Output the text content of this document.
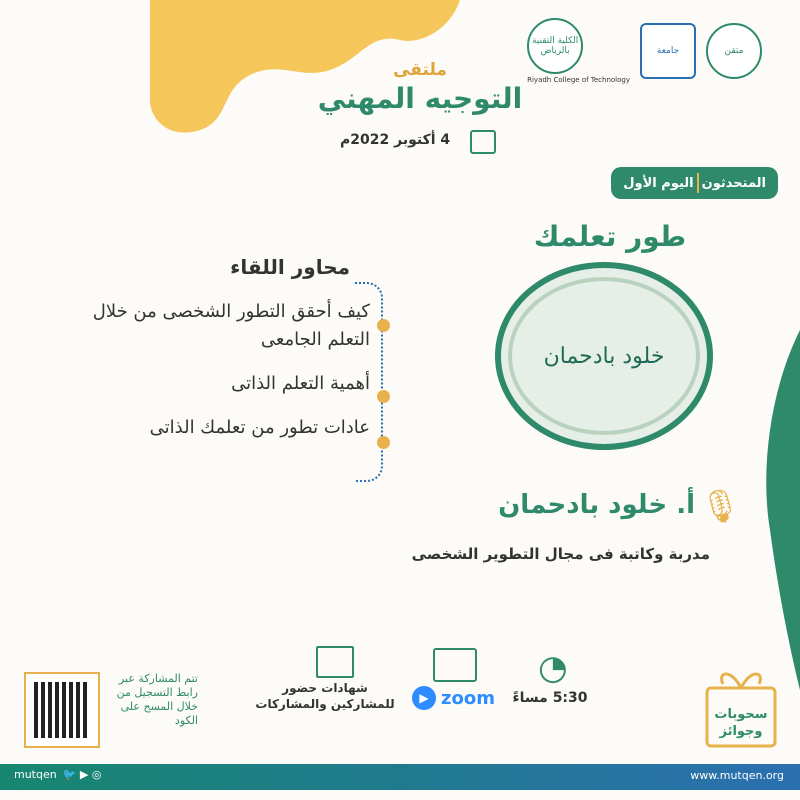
الكلية التقنية بالرياض
Riyadh College of Technology
جامعة	متقن
ملتقى
التوجيه المهني
4 أكتوبر 2022م
المتحدثون
اليوم الأول
طور تعلمك
خلود بادحمان
🎙
أ. خلود بادحمان
مدربة وكاتبة فى مجال التطوير الشخصى
محاور اللقاء
كيف أحقق التطور الشخصى من خلال التعلم الجامعى
أهمية التعلم الذاتى
عادات تطور من تعلمك الذاتى
◔
5:30 مساءً
▶ zoom
شهادات حضور للمشاركين والمشاركات
سحوبات وجوائز
تتم المشاركة عبر رابط التسجيل من خلال المسح على الكود
mutqen 🐦 ▶ ◎	www.mutqen.org
